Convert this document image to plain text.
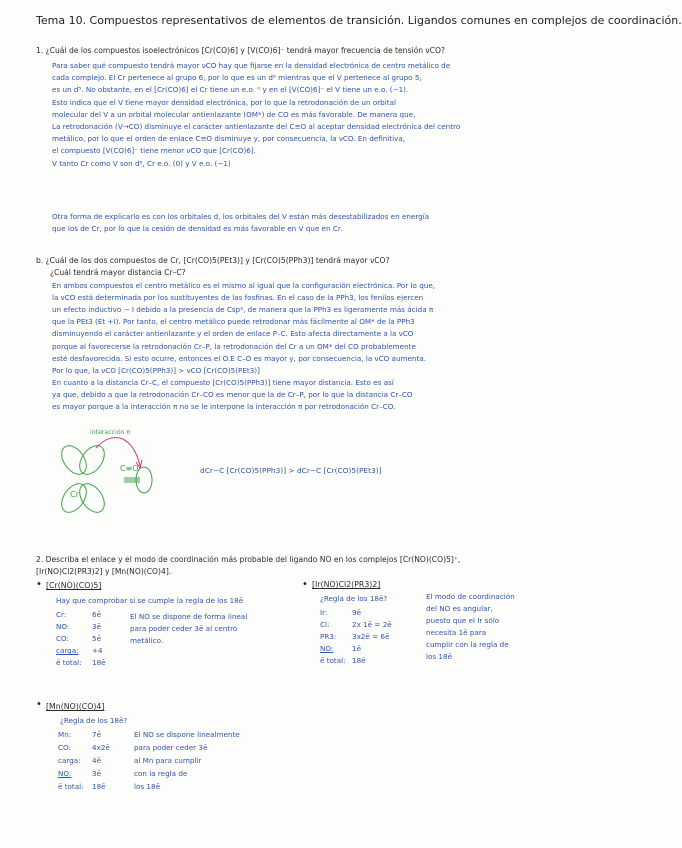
Tema 10. Compuestos representativos de elementos de transición. Ligandos comunes en complejos de coordinación.
1. ¿Cuál de los compuestos isoelectrónicos [Cr(CO)6] y [V(CO)6]⁻ tendrá mayor frecuencia de tensión νCO?
Para saber qué compuesto tendrá mayor νCO hay que fijarse en la densidad electrónica de centro metálico de
cada complejo. El Cr pertenece al grupo 6, por lo que es un d⁶ mientras que el V pertenece al grupo 5,
es un d⁵. No obstante, en el [Cr(CO)6] el Cr tiene un e.o. ⁰ y en el [V(CO)6]⁻ el V tiene un e.o. (−1).
Esto indica que el V tiene mayor densidad electrónica, por lo que la retrodonación de un orbital
molecular del V a un orbital molecular antienlazante (OM*) de CO es más favorable. De manera que,
La retrodonación (V→CO) disminuye el carácter antienlazante del C≡O al aceptar densidad electrónica del centro
metálico, por lo que el orden de enlace C≡O disminuye y, por consecuencia, la νCO. En definitiva,
el compuesto [V(CO)6]⁻ tiene menor νCO que [Cr(CO)6].
V tanto Cr como V son d⁶, Cr e.o. (0) y V e.o. (−1)
Otra forma de explicarlo es con los orbitales d, los orbitales del V están más desestabilizados en energía
que los de Cr, por lo que la cesión de densidad es más favorable en V que en Cr.
b. ¿Cuál de los dos compuestos de Cr, [Cr(CO)5(PEt3)] y [Cr(CO)5(PPh3)] tendrá mayor νCO?
¿Cuál tendrá mayor distancia Cr–C?
En ambos compuestos el centro metálico es el mismo al igual que la configuración electrónica. Por lo que,
la νCO está determinada por los sustituyentes de las fosfinas. En el caso de la PPh3, los fenilos ejercen
un efecto inductivo − I debido a la presencia de Csp², de manera que la PPh3 es ligeramente más ácida π
que la PEt3 (Et +I). Por tanto, el centro metálico puede retrodonar más fácilmente al OM* de la PPh3
disminuyendo el carácter antienlazante y el orden de enlace P–C. Esto afecta directamente a la νCO
porque al favorecerse la retrodonación Cr–P, la retrodonación del Cr a un OM* del CO probablemente
esté desfavorecida. Si esto ocurre, entonces el O.E C–O es mayor y, por consecuencia, la νCO aumenta.
Por lo que, la νCO [Cr(CO)5(PPh3)] > νCO [Cr(CO)5(PEt3)]
En cuanto a la distancia Cr–C, el compuesto [Cr(CO)5(PPh3)] tiene mayor distancia. Esto es así
ya que, debido a que la retrodonación Cr–CO es menor que la de Cr–P, por lo que la distancia Cr–CO
es mayor porque a la interacción π no se le interpone la interacción π por retrodonación Cr–CO.
interacción π
Cr
C≡O	dCr−C [Cr(CO)5(PPh3)] > dCr−C [Cr(CO)5(PEt3)]
2. Describa el enlace y el modo de coordinación más probable del ligando NO en los complejos [Cr(NO)(CO)5]⁺,
[Ir(NO)Cl2(PR3)2] y [Mn(NO)(CO)4].
• [Cr(NO)(CO)5]
Hay que comprobar si se cumple la regla de los 18ē
Cr:	6ē
NO:	3ē
CO:	5ē
carga: +4
ē total: 18ē
El NO se dispone de forma lineal
para poder ceder 3ē al centro
metálico.
• [Ir(NO)Cl2(PR3)2]
¿Regla de los 18ē?
Ir:	9ē
Cl:	2x 1ē = 2ē
PR3: 3x2ē = 6ē
NO:	1ē
ē total: 18ē
El modo de coordinación
del NO es angular,
puesto que el Ir sólo
necesita 1ē para
cumplir con la regla de
los 18ē
• [Mn(NO)(CO)4]
¿Regla de los 18ē?
Mn:	7ē
CO:	4x2ē
carga: 4ē
NO:	3ē
ē total: 18ē
El NO se dispone linealmente
para poder ceder 3ē
al Mn para cumplir
con la regla de
los 18ē
